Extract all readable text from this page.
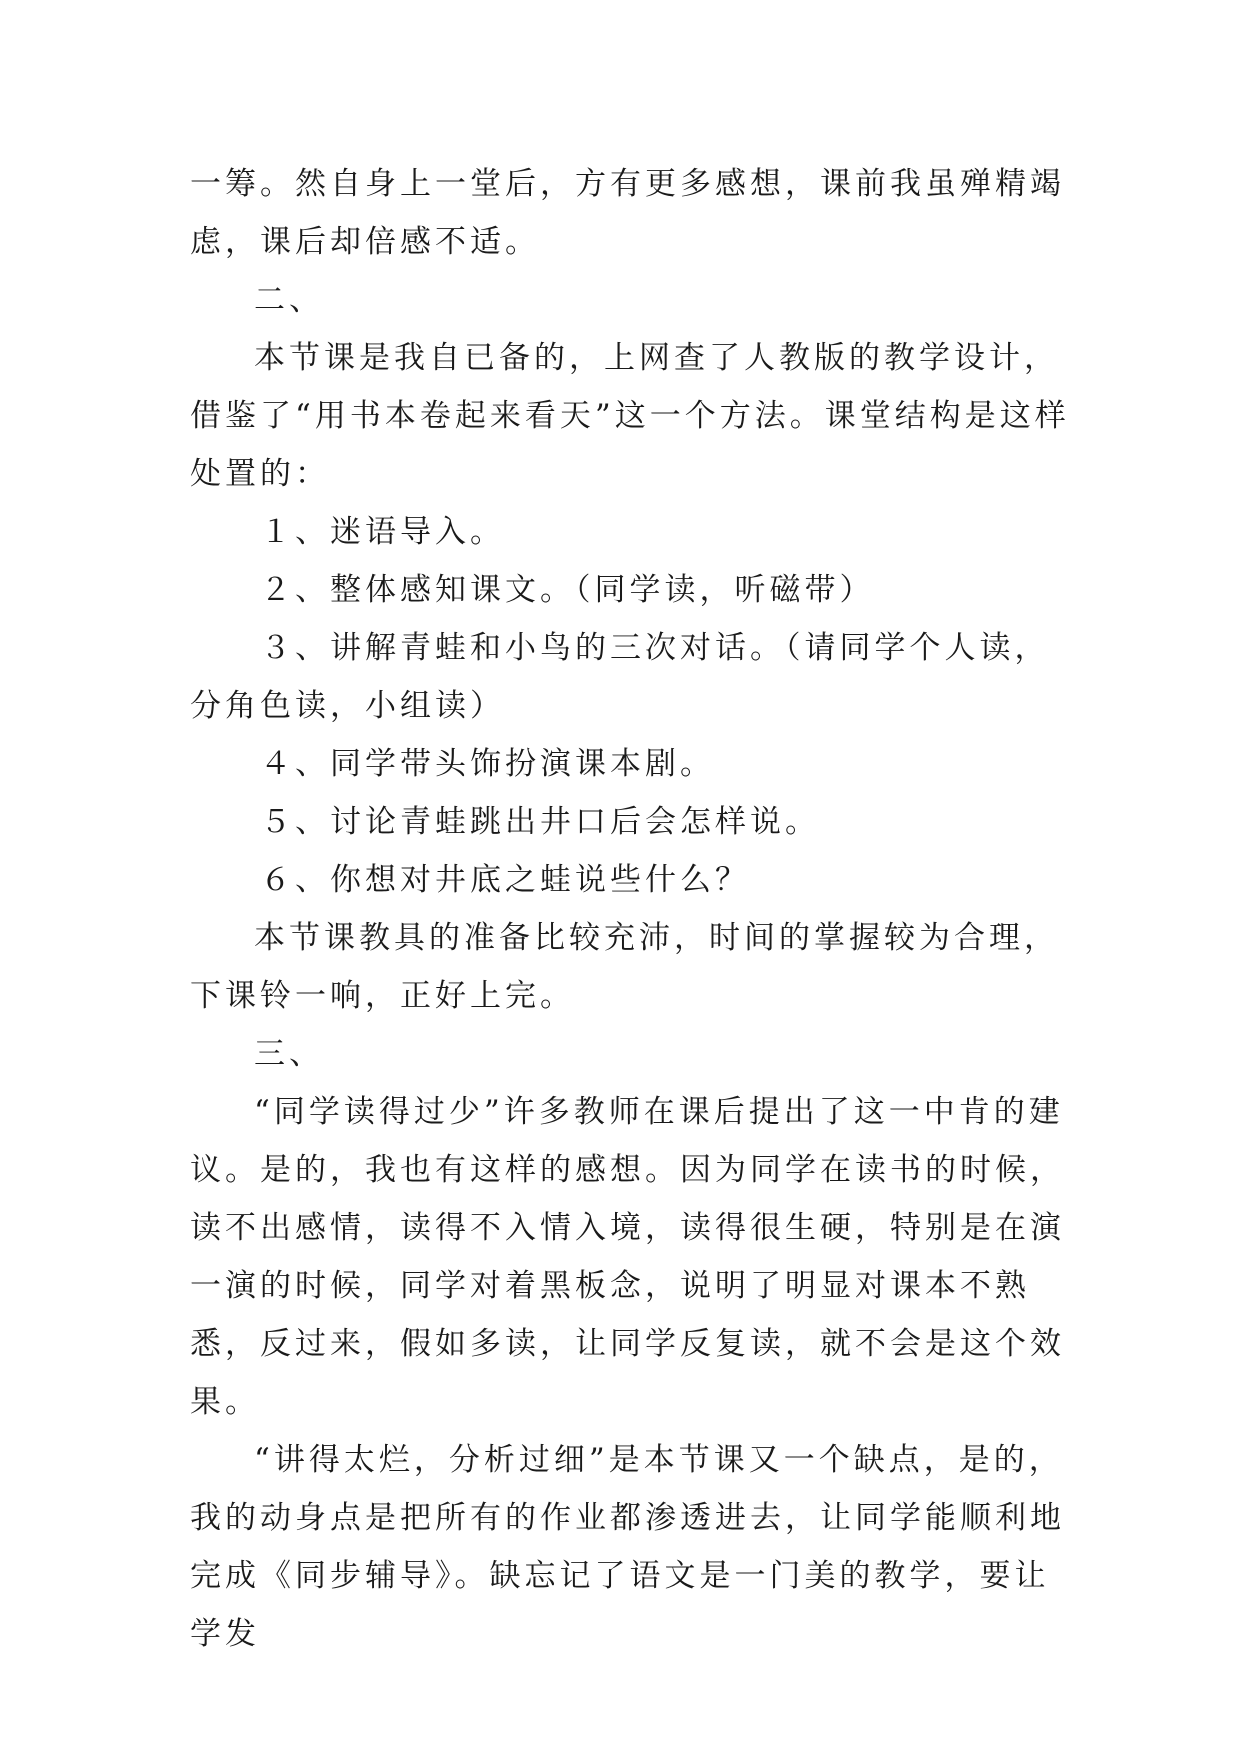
一筹。然自身上一堂后，方有更多感想，课前我虽殚精竭虑，课后却倍感不适。

二、

本节课是我自已备的，上网查了人教版的教学设计，借鉴了“用书本卷起来看天”这一个方法。课堂结构是这样处置的：

１、迷语导入。

２、整体感知课文。（同学读，听磁带）

３、讲解青蛙和小鸟的三次对话。（请同学个人读，分角色读，小组读）

４、同学带头饰扮演课本剧。

５、讨论青蛙跳出井口后会怎样说。

６、你想对井底之蛙说些什么？

本节课教具的准备比较充沛，时间的掌握较为合理，下课铃一响，正好上完。

三、

“同学读得过少”许多教师在课后提出了这一中肯的建议。是的，我也有这样的感想。因为同学在读书的时候，读不出感情，读得不入情入境，读得很生硬，特别是在演一演的时候，同学对着黑板念，说明了明显对课本不熟悉，反过来，假如多读，让同学反复读，就不会是这个效果。

“讲得太烂，分析过细”是本节课又一个缺点，是的，我的动身点是把所有的作业都渗透进去，让同学能顺利地完成《同步辅导》。缺忘记了语文是一门美的教学，要让学发
